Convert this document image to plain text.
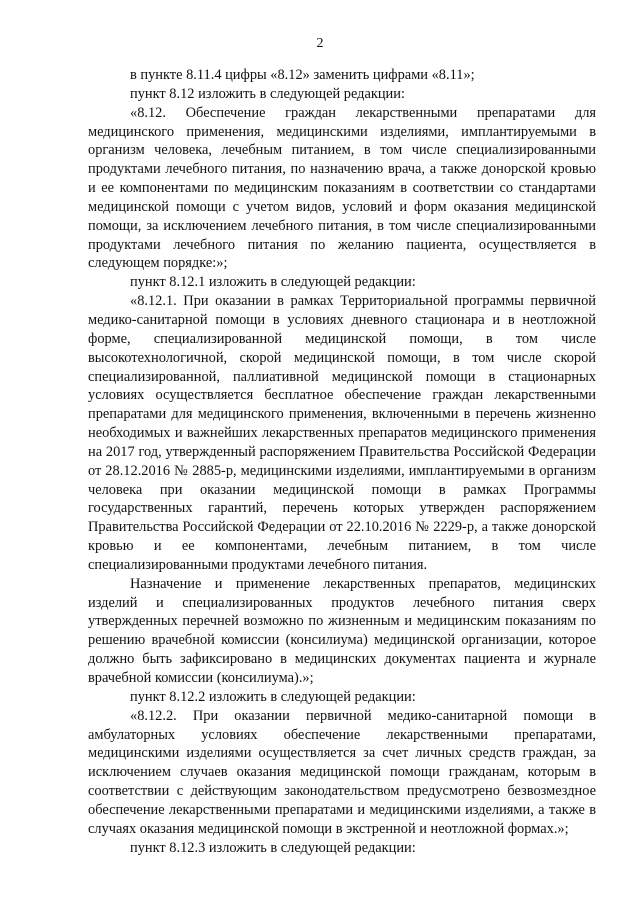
2

в пункте 8.11.4 цифры «8.12» заменить цифрами «8.11»;

пункт 8.12 изложить в следующей редакции:

«8.12. Обеспечение граждан лекарственными препаратами для медицинского применения, медицинскими изделиями, имплантируемыми в организм человека, лечебным питанием, в том числе специализированными продуктами лечебного питания, по назначению врача, а также донорской кровью и ее компонентами по медицинским показаниям в соответствии со стандартами медицинской помощи с учетом видов, условий и форм оказания медицинской помощи, за исключением лечебного питания, в том числе специализированными продуктами лечебного питания по желанию пациента, осуществляется в следующем порядке:»;

пункт 8.12.1 изложить в следующей редакции:

«8.12.1. При оказании в рамках Территориальной программы первичной медико-санитарной помощи в условиях дневного стационара и в неотложной форме, специализированной медицинской помощи, в том числе высокотехнологичной, скорой медицинской помощи, в том числе скорой специализированной, паллиативной медицинской помощи в стационарных условиях осуществляется бесплатное обеспечение граждан лекарственными препаратами для медицинского применения, включенными в перечень жизненно необходимых и важнейших лекарственных препаратов медицинского применения на 2017 год, утвержденный распоряжением Правительства Российской Федерации от 28.12.2016 № 2885-р, медицинскими изделиями, имплантируемыми в организм человека при оказании медицинской помощи в рамках Программы государственных гарантий, перечень которых утвержден распоряжением Правительства Российской Федерации от 22.10.2016 № 2229-р, а также донорской кровью и ее компонентами, лечебным питанием, в том числе специализированными продуктами лечебного питания.

Назначение и применение лекарственных препаратов, медицинских изделий и специализированных продуктов лечебного питания сверх утвержденных перечней возможно по жизненным и медицинским показаниям по решению врачебной комиссии (консилиума) медицинской организации, которое должно быть зафиксировано в медицинских документах пациента и журнале врачебной комиссии (консилиума).»;

пункт 8.12.2 изложить в следующей редакции:

«8.12.2. При оказании первичной медико-санитарной помощи в амбулаторных условиях обеспечение лекарственными препаратами, медицинскими изделиями осуществляется за счет личных средств граждан, за исключением случаев оказания медицинской помощи гражданам, которым в соответствии с действующим законодательством предусмотрено безвозмездное обеспечение лекарственными препаратами и медицинскими изделиями, а также в случаях оказания медицинской помощи в экстренной и неотложной формах.»;

пункт 8.12.3 изложить в следующей редакции:
